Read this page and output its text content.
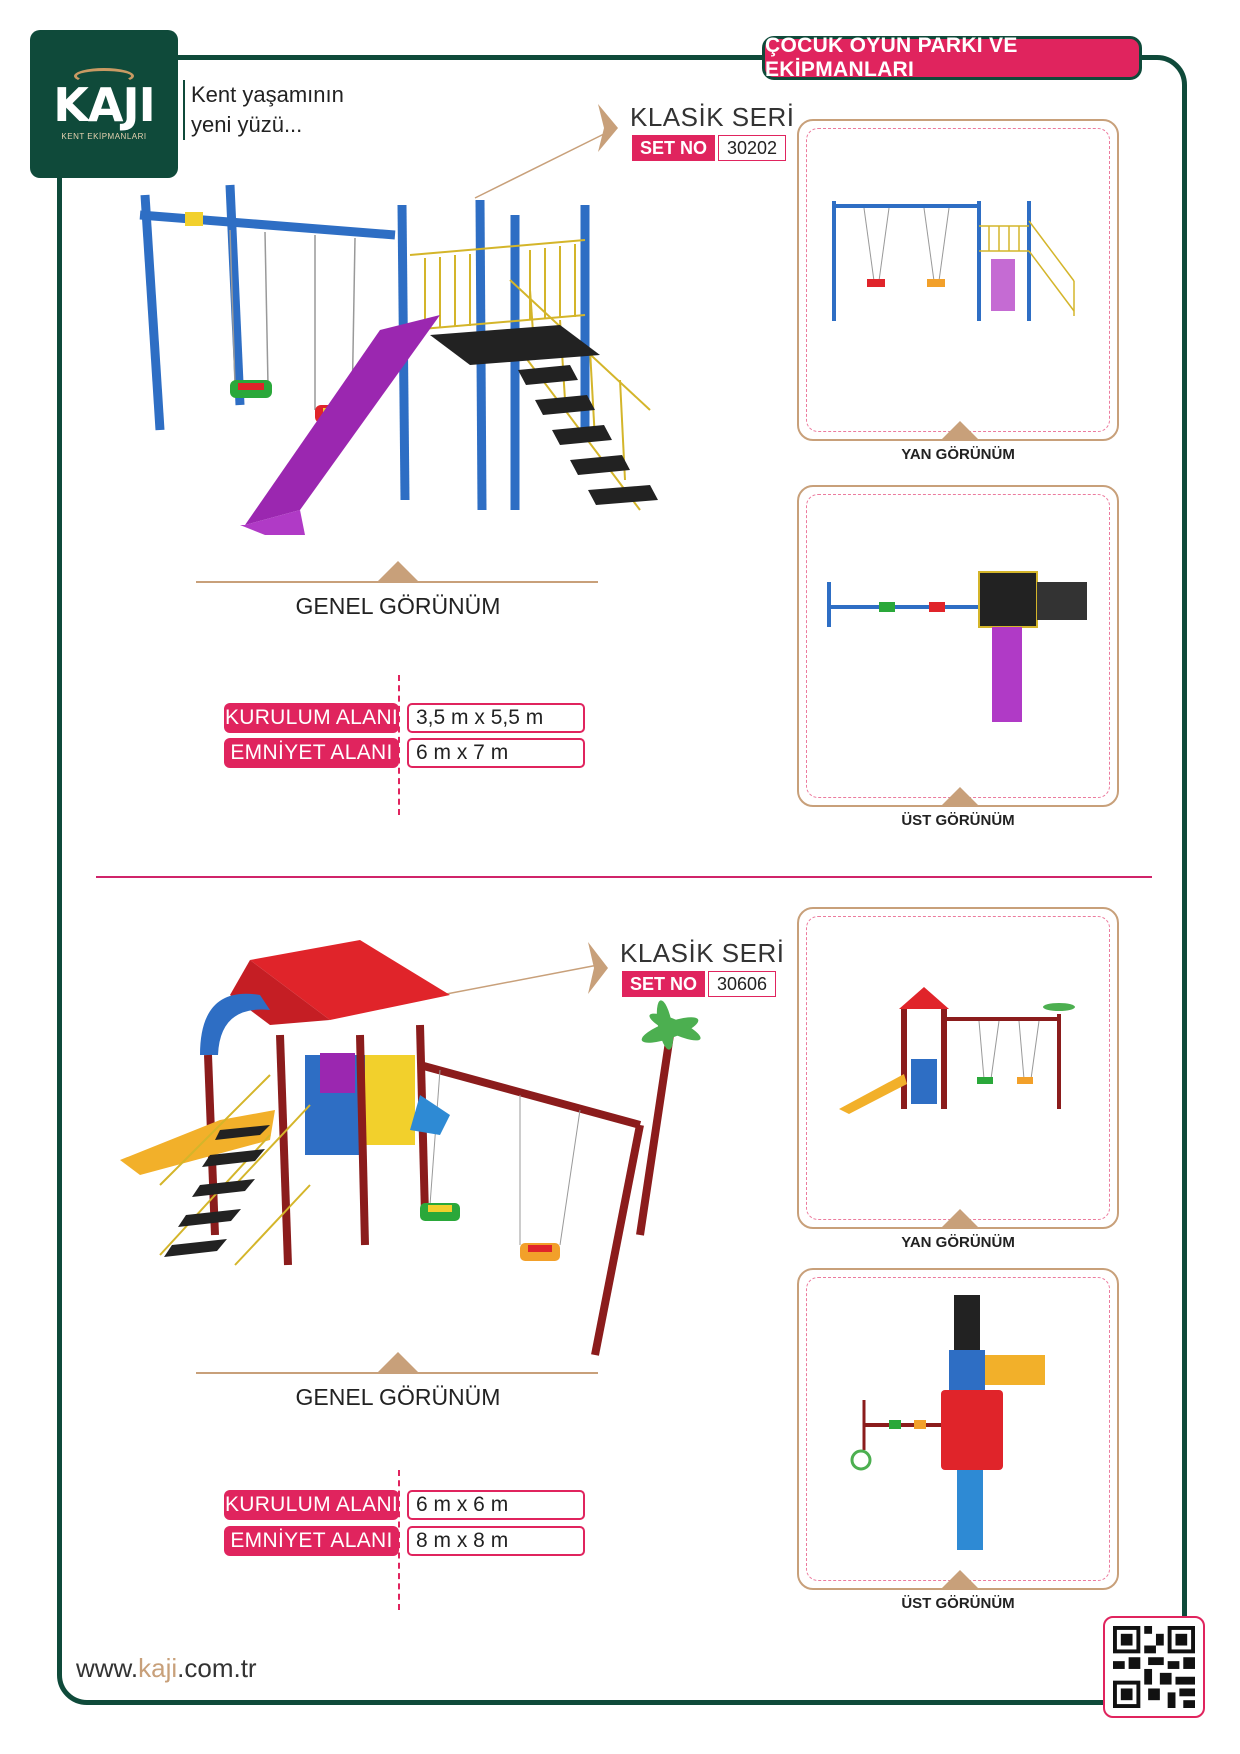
KAJI
KENT EKİPMANLARI
Kent yaşamının
yeni yüzü...
ÇOCUK OYUN PARKI VE EKİPMANLARI
KLASİK SERİ
SET NO	30202
GENEL GÖRÜNÜM
KURULUM ALANI 3,5 m x 5,5 m
EMNİYET ALANI	6 m x 7 m
YAN GÖRÜNÜM
ÜST GÖRÜNÜM
KLASİK SERİ
SET NO	30606
GENEL GÖRÜNÜM
KURULUM ALANI 6 m x 6 m
EMNİYET ALANI	8 m x 8 m
YAN GÖRÜNÜM
ÜST GÖRÜNÜM
www.kaji.com.tr
